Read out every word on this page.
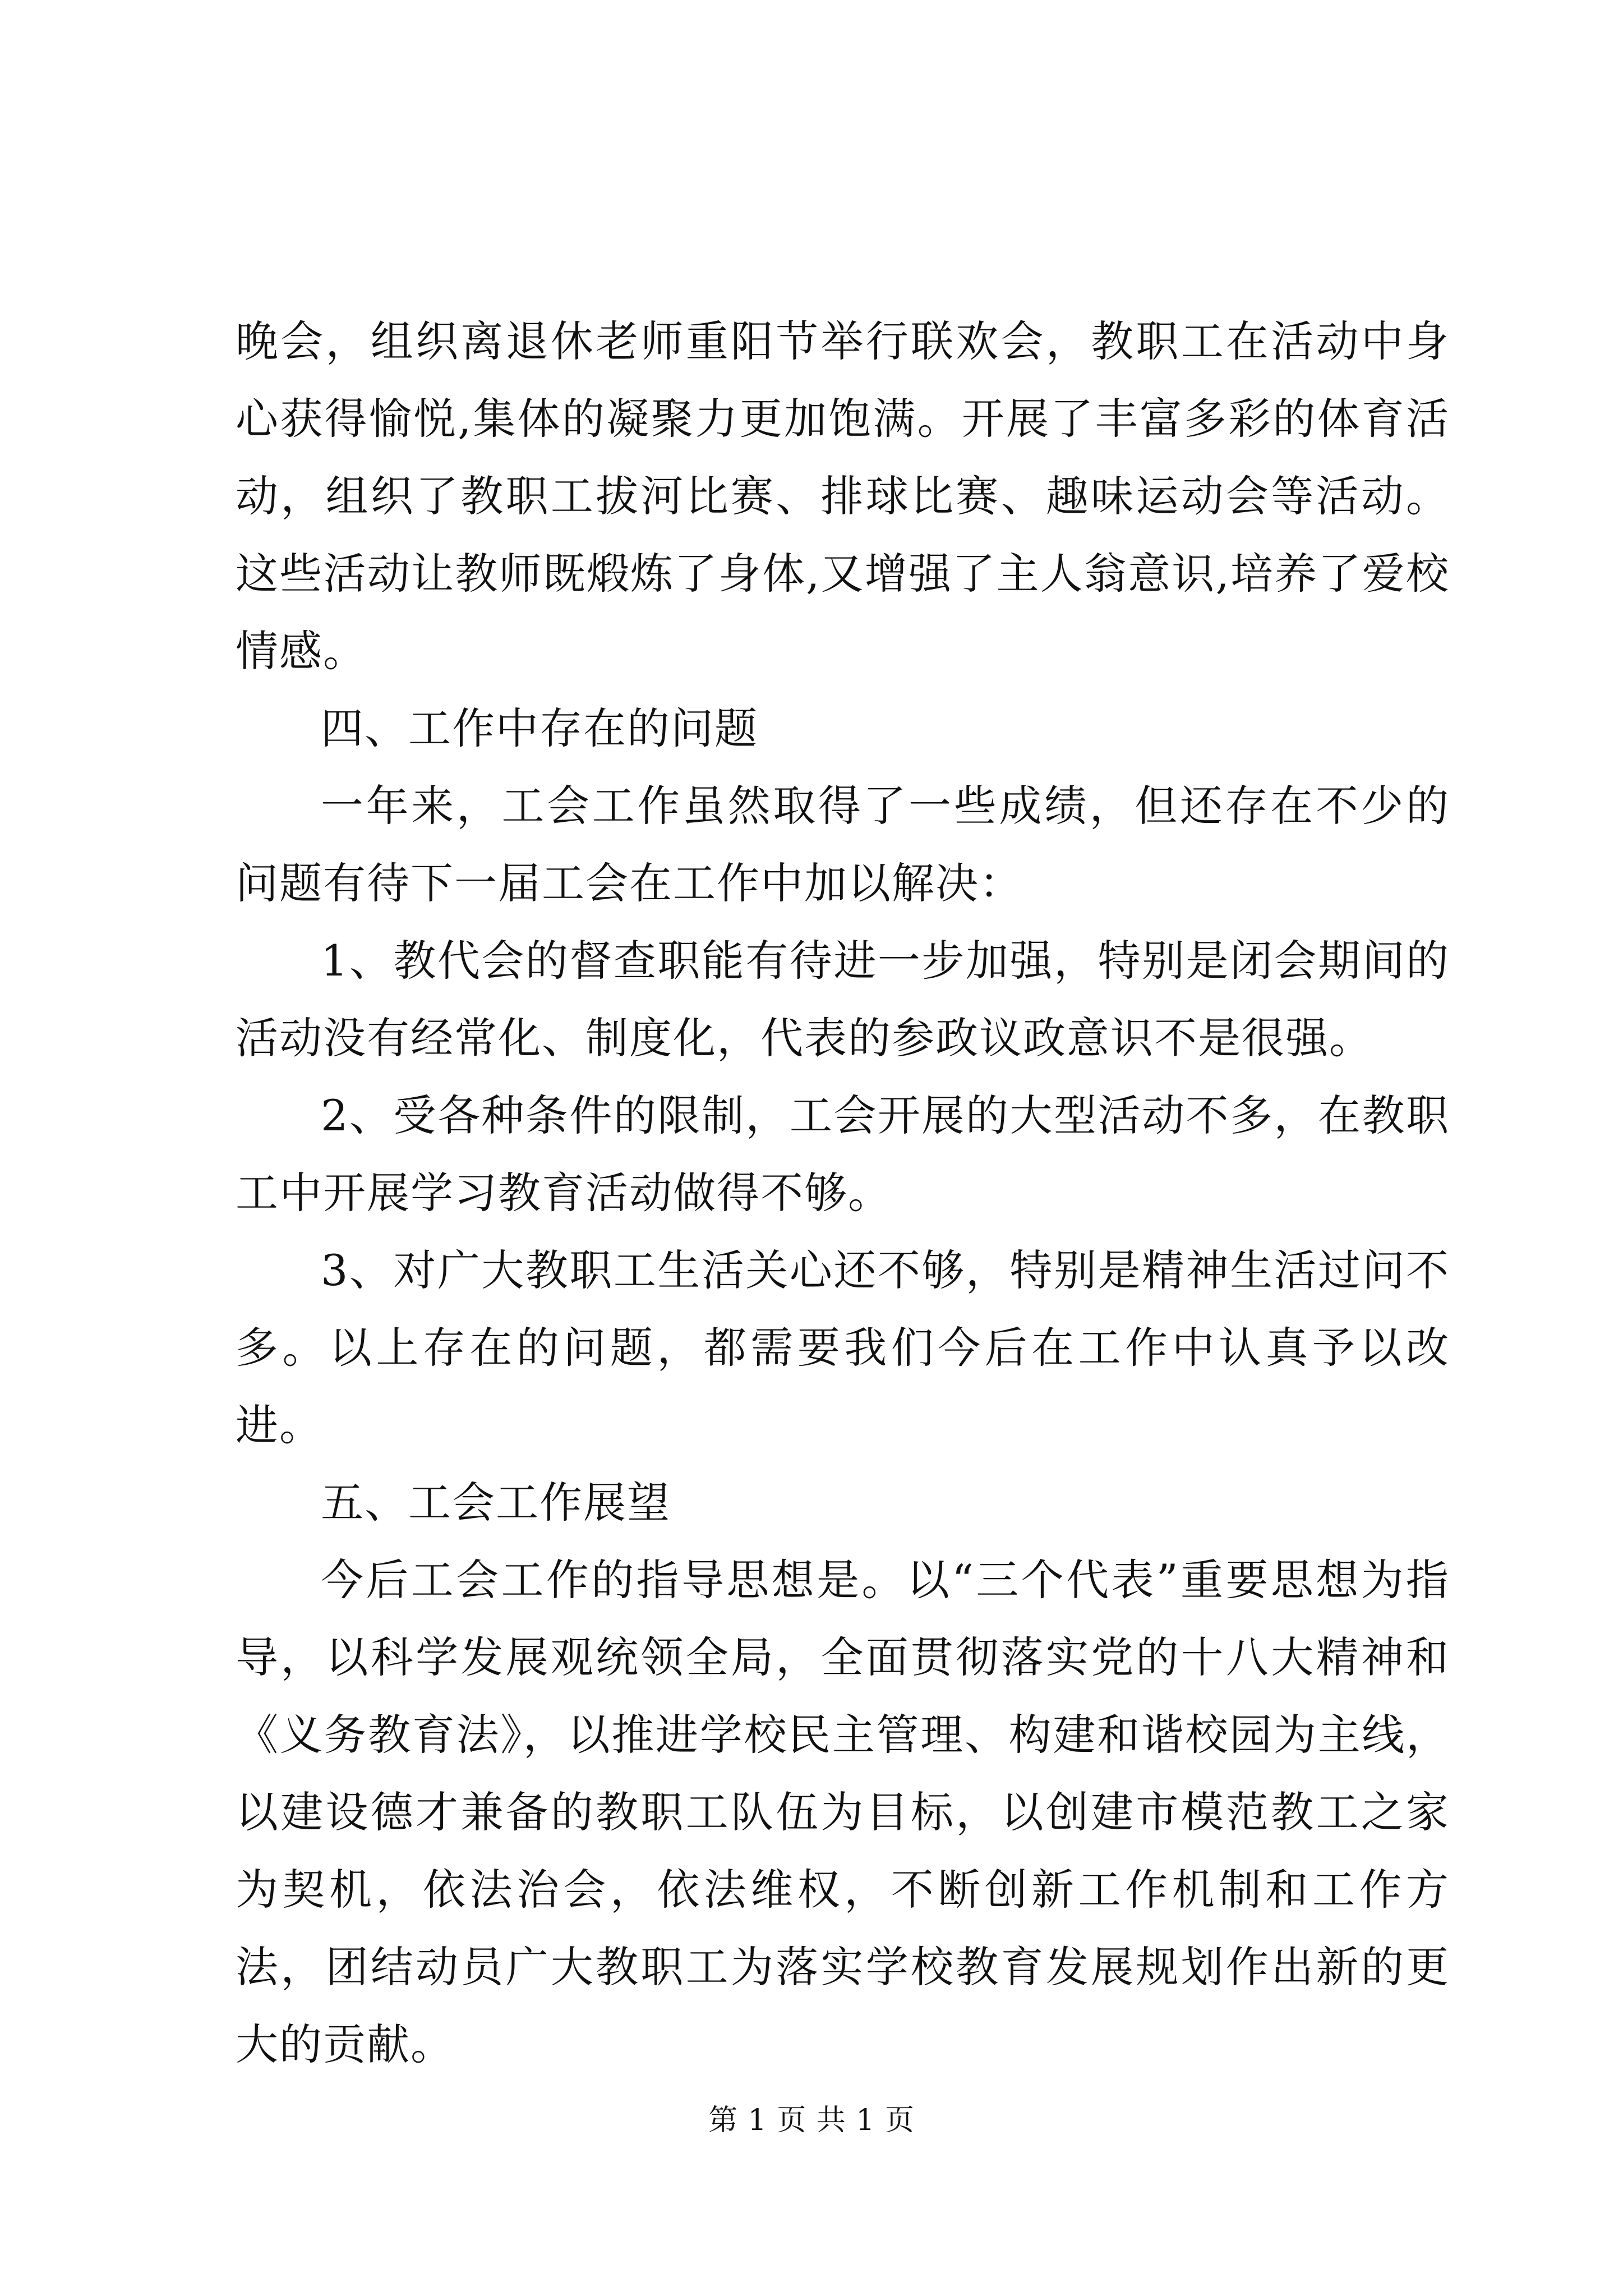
晚会，组织离退休老师重阳节举行联欢会，教职工在活动中身心获得愉悦,集体的凝聚力更加饱满。开展了丰富多彩的体育活动，组织了教职工拔河比赛、排球比赛、趣味运动会等活动。这些活动让教师既煅炼了身体,又增强了主人翁意识,培养了爱校情感。

四、工作中存在的问题

一年来，工会工作虽然取得了一些成绩，但还存在不少的问题有待下一届工会在工作中加以解决：

1、教代会的督查职能有待进一步加强，特别是闭会期间的活动没有经常化、制度化，代表的参政议政意识不是很强。

2、受各种条件的限制，工会开展的大型活动不多，在教职工中开展学习教育活动做得不够。

3、对广大教职工生活关心还不够，特别是精神生活过问不多。以上存在的问题，都需要我们今后在工作中认真予以改进。

五、工会工作展望

今后工会工作的指导思想是。以“三个代表”重要思想为指导，以科学发展观统领全局，全面贯彻落实党的十八大精神和《义务教育法》，以推进学校民主管理、构建和谐校园为主线，以建设德才兼备的教职工队伍为目标，以创建市模范教工之家为契机，依法治会，依法维权，不断创新工作机制和工作方法，团结动员广大教职工为落实学校教育发展规划作出新的更大的贡献。

第 1 页 共 1 页
